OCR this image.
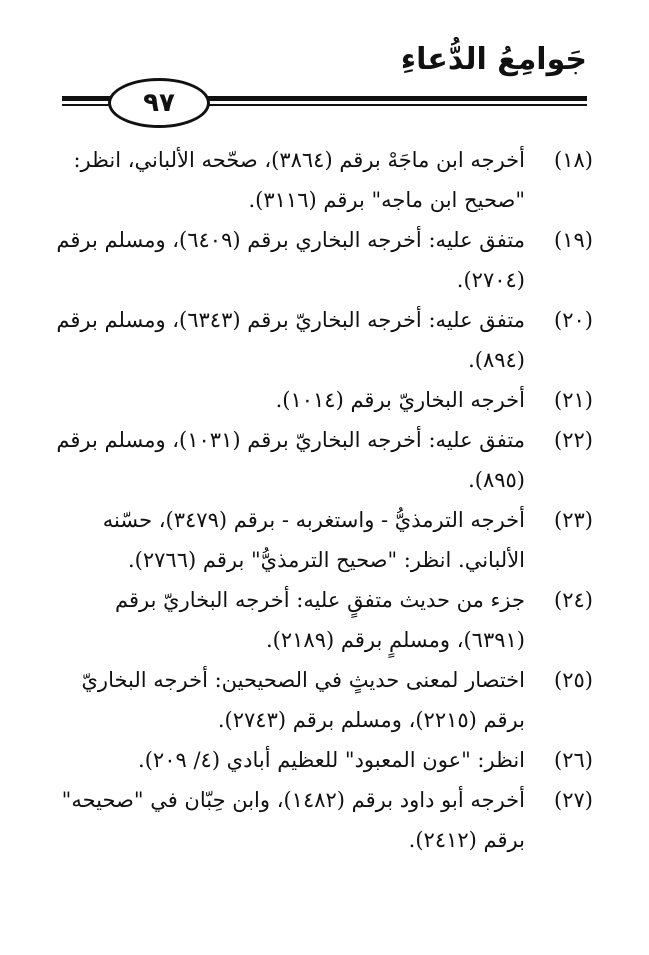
جَوامِعُ الدُّعاءِ
٩٧
(١٨)
أخرجه ابن ماجَهْ برقم (٣٨٦٤)، صحّحه الألباني، انظر: "صحيح ابن ماجه" برقم (٣١١٦).
(١٩)
متفق عليه: أخرجه البخاري برقم (٦٤٠٩)، ومسلم برقم (٢٧٠٤).
(٢٠)
متفق عليه: أخرجه البخاريّ برقم (٦٣٤٣)، ومسلم برقم (٨٩٤).
(٢١)
أخرجه البخاريّ برقم (١٠١٤).
(٢٢)
متفق عليه: أخرجه البخاريّ برقم (١٠٣١)، ومسلم برقم (٨٩٥).
(٢٣)
أخرجه الترمذيُّ - واستغربه - برقم (٣٤٧٩)، حسّنه الألباني. انظر: "صحيح الترمذيُّ" برقم (٢٧٦٦).
(٢٤)
جزء من حديث متفقٍ عليه: أخرجه البخاريّ برقم (٦٣٩١)، ومسلمٍ برقم (٢١٨٩).
(٢٥)
اختصار لمعنى حديثٍ في الصحيحين: أخرجه البخاريّ برقم (٢٢١٥)، ومسلم برقم (٢٧٤٣).
(٢٦)
انظر: "عون المعبود" للعظيم أبادي (٤/ ٢٠٩).
(٢٧)
أخرجه أبو داود برقم (١٤٨٢)، وابن حِبّان في "صحيحه" برقم (٢٤١٢).
